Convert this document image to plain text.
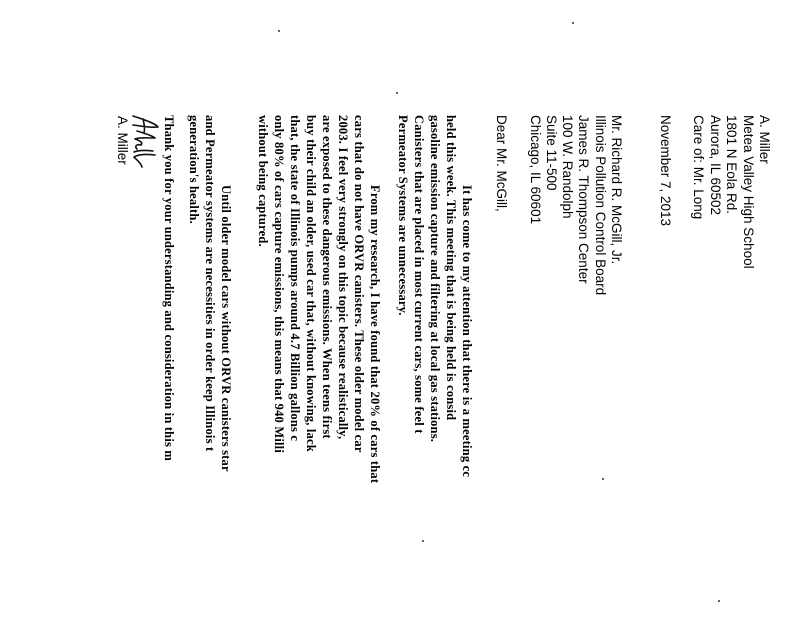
A. Miller
Metea Valley High School
1801 N Eola Rd.
Aurora, IL 60502
Care of: Mr. Long
November 7, 2013
Mr. Richard R. McGill, Jr.
Illinois Pollution Control Board
James R. Thompson Center
100 W. Randolph
Suite 11-500
Chicago, IL 60601
Dear Mr. McGill,
It has come to my attention that there is a meeting cc
held this week. This meeting that is being held is consid
gasoline emission capture and filtering at local gas stations.
Canisters that are placed in most current cars, some feel t
Permeator Systems are unnecessary.
From my research, I have found that 20% of cars that
cars that do not have ORVR canisters. These older model car
2003. I feel very strongly on this topic because realistically,
are exposed to these dangerous emissions. When teens first
buy their child an older, used car that, without knowing, lack
that, the state of Illinois pumps around 4.7 Billion gallons c
only 80% of cars capture emissions, this means that 940 Milli
without being captured.
Until older model cars without ORVR canisters star
and Permeator systems are necessities in order keep Illinois t
generation's health.
Thank you for your understanding and consideration in this m
A. Miller
